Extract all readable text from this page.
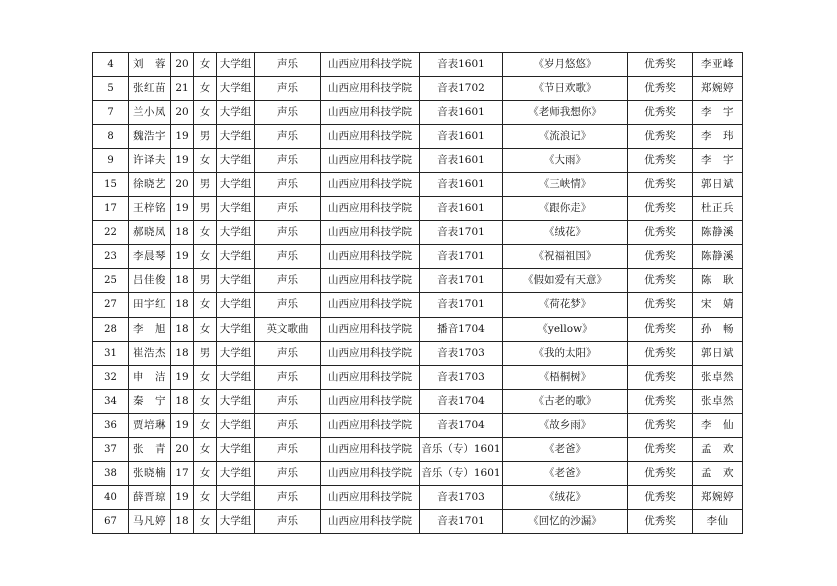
4	刘　蓉	20	女	大学组	声乐	山西应用科技学院	音表1601	《岁月悠悠》	优秀奖	李亚峰
5	张红苗	21	女	大学组	声乐	山西应用科技学院	音表1702	《节日欢歌》	优秀奖	郑婉婷
7	兰小凤	20	女	大学组	声乐	山西应用科技学院	音表1601	《老师我想你》	优秀奖	李　宇
8	魏浩宇	19	男	大学组	声乐	山西应用科技学院	音表1601	《流浪记》	优秀奖	李　玮
9	许译夫	19	女	大学组	声乐	山西应用科技学院	音表1601	《大雨》	优秀奖	李　宇
15	徐晓艺	20	男	大学组	声乐	山西应用科技学院	音表1601	《三峡情》	优秀奖	郭日斌
17	王梓铭	19	男	大学组	声乐	山西应用科技学院	音表1601	《跟你走》	优秀奖	杜正兵
22	郝晓凤	18	女	大学组	声乐	山西应用科技学院	音表1701	《绒花》	优秀奖	陈静溪
23	李晨琴	19	女	大学组	声乐	山西应用科技学院	音表1701	《祝福祖国》	优秀奖	陈静溪
25	吕佳俊	18	男	大学组	声乐	山西应用科技学院	音表1701	《假如爱有天意》	优秀奖	陈　耿
27	田宇红	18	女	大学组	声乐	山西应用科技学院	音表1701	《荷花梦》	优秀奖	宋　婧
28	李　旭	18	女	大学组	英文歌曲	山西应用科技学院	播音1704	《yellow》	优秀奖	孙　畅
31	崔浩杰	18	男	大学组	声乐	山西应用科技学院	音表1703	《我的太阳》	优秀奖	郭日斌
32	申　洁	19	女	大学组	声乐	山西应用科技学院	音表1703	《梧桐树》	优秀奖	张卓然
34	秦　宁	18	女	大学组	声乐	山西应用科技学院	音表1704	《古老的歌》	优秀奖	张卓然
36	贾培琳	19	女	大学组	声乐	山西应用科技学院	音表1704	《故乡雨》	优秀奖	李　仙
37	张　青	20	女	大学组	声乐	山西应用科技学院	音乐（专）1601	《老爸》	优秀奖	孟　欢
38	张晓楠	17	女	大学组	声乐	山西应用科技学院	音乐（专）1601	《老爸》	优秀奖	孟　欢
40	薛晋琼	19	女	大学组	声乐	山西应用科技学院	音表1703	《绒花》	优秀奖	郑婉婷
67	马凡婷	18	女	大学组	声乐	山西应用科技学院	音表1701	《回忆的沙漏》	优秀奖	李仙
